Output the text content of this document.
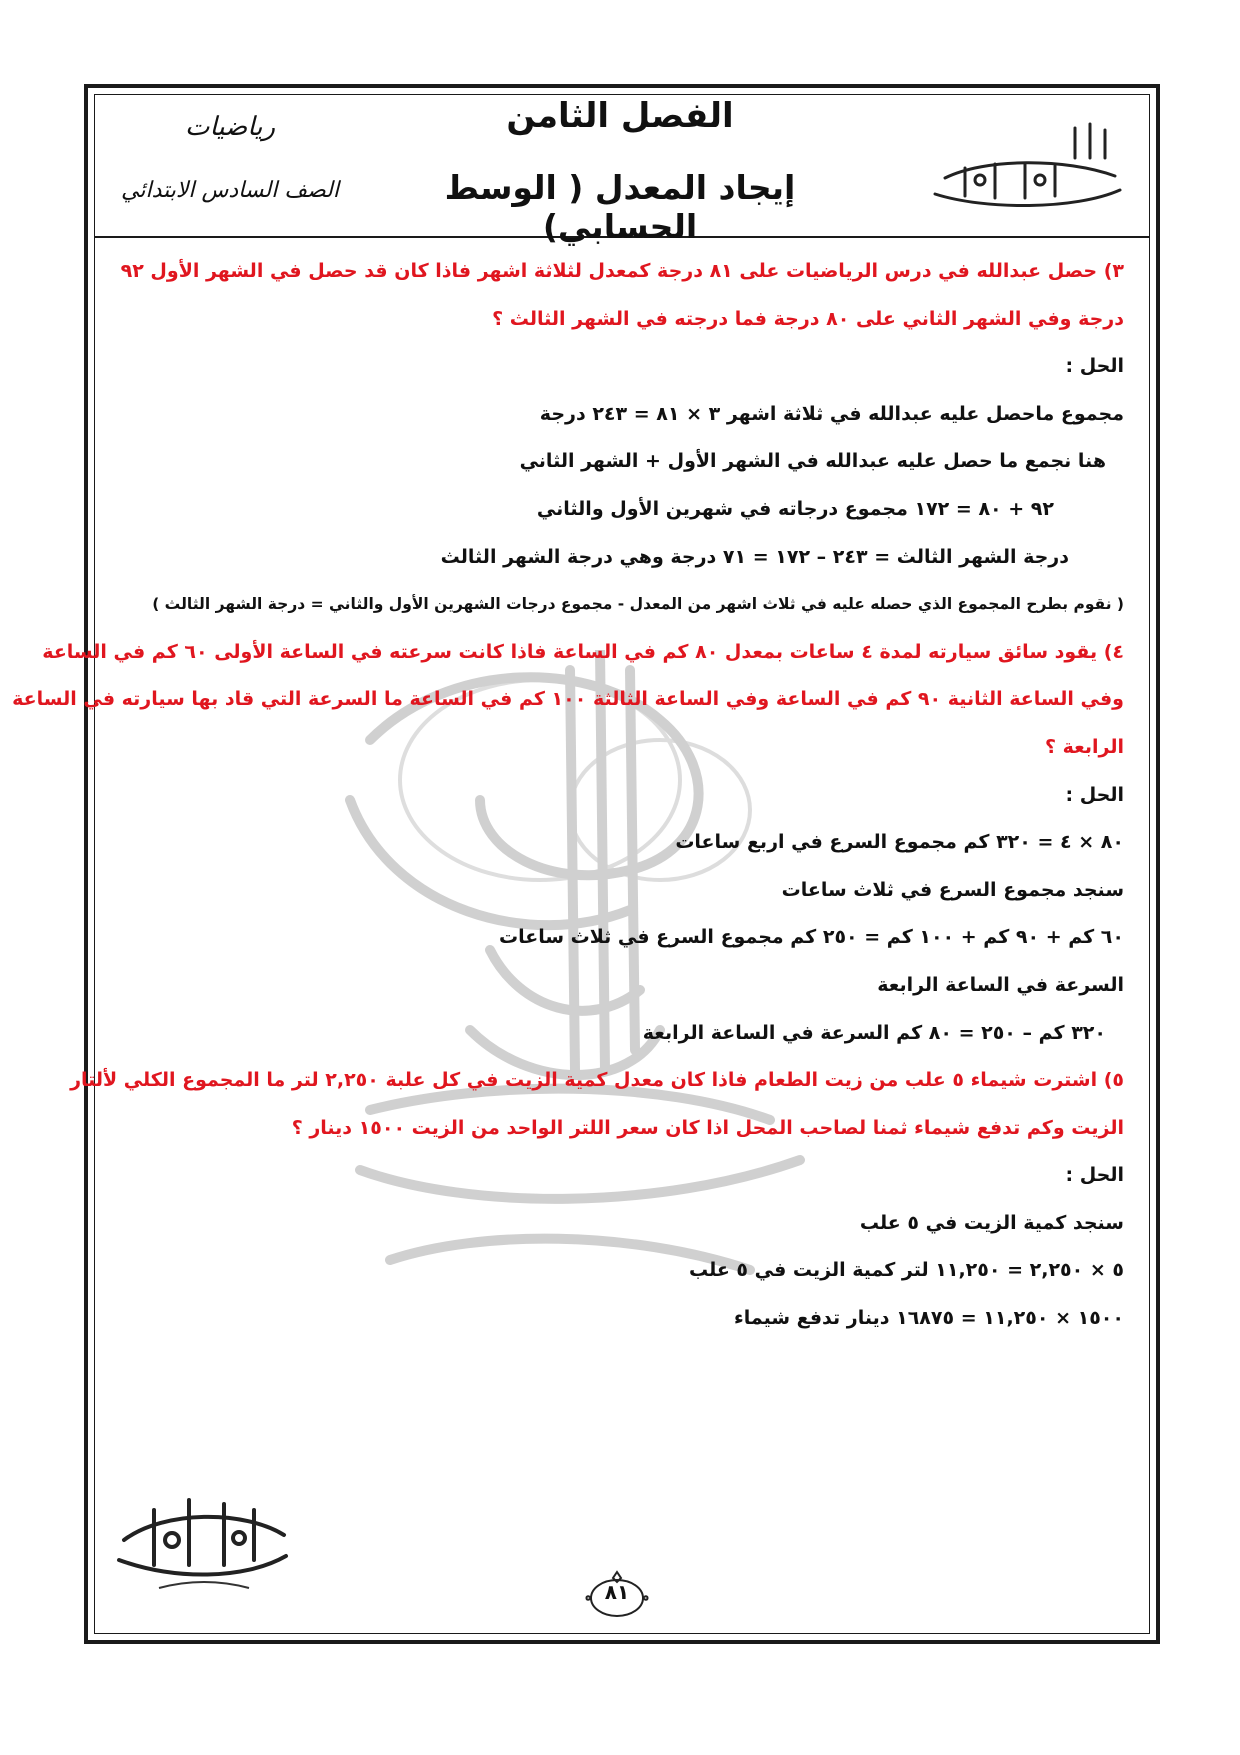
الفصل الثامن
إيجاد المعدل ( الوسط الحسابي)
رياضيات
الصف السادس الابتدائي
٣) حصل عبدالله في درس الرياضيات على ٨١ درجة كمعدل لثلاثة اشهر فاذا كان قد حصل في الشهر الأول ٩٢
درجة وفي الشهر الثاني على ٨٠ درجة فما درجته في الشهر الثالث ؟
الحل :
مجموع ماحصل عليه عبدالله في ثلاثة اشهر ٣ × ٨١ = ٢٤٣ درجة
هنا نجمع ما حصل عليه عبدالله في الشهر الأول + الشهر الثاني
٩٢ + ٨٠ = ١٧٢ مجموع درجاته في شهرين الأول والثاني
درجة الشهر الثالث = ٢٤٣ – ١٧٢ = ٧١ درجة وهي درجة الشهر الثالث
( نقوم بطرح المجموع الذي حصله عليه في ثلاث اشهر من المعدل - مجموع درجات الشهرين الأول والثاني = درجة الشهر الثالث )
٤) يقود سائق سيارته لمدة ٤ ساعات بمعدل ٨٠ كم في الساعة فاذا كانت سرعته في الساعة الأولى ٦٠ كم في الساعة
وفي الساعة الثانية ٩٠ كم في الساعة وفي الساعة الثالثة ١٠٠ كم في الساعة ما السرعة التي قاد بها سيارته في الساعة
الرابعة ؟
الحل :
٨٠ × ٤ = ٣٢٠ كم مجموع السرع في اربع ساعات
سنجد مجموع السرع في ثلاث ساعات
٦٠ كم + ٩٠ كم + ١٠٠ كم = ٢٥٠ كم مجموع السرع في ثلاث ساعات
السرعة في الساعة الرابعة
٣٢٠ كم – ٢٥٠ = ٨٠ كم السرعة في الساعة الرابعة
٥) اشترت شيماء ٥ علب من زيت الطعام فاذا كان معدل كمية الزيت في كل علبة ٢,٢٥٠ لتر ما المجموع الكلي لألتار
الزيت وكم تدفع شيماء ثمنا لصاحب المحل اذا كان سعر اللتر الواحد من الزيت ١٥٠٠ دينار ؟
الحل :
سنجد كمية الزيت في ٥ علب
٥ × ٢,٢٥٠ = ١١,٢٥٠ لتر كمية الزيت في ٥ علب
١٥٠٠ × ١١,٢٥٠ = ١٦٨٧٥ دينار تدفع شيماء
٨١
